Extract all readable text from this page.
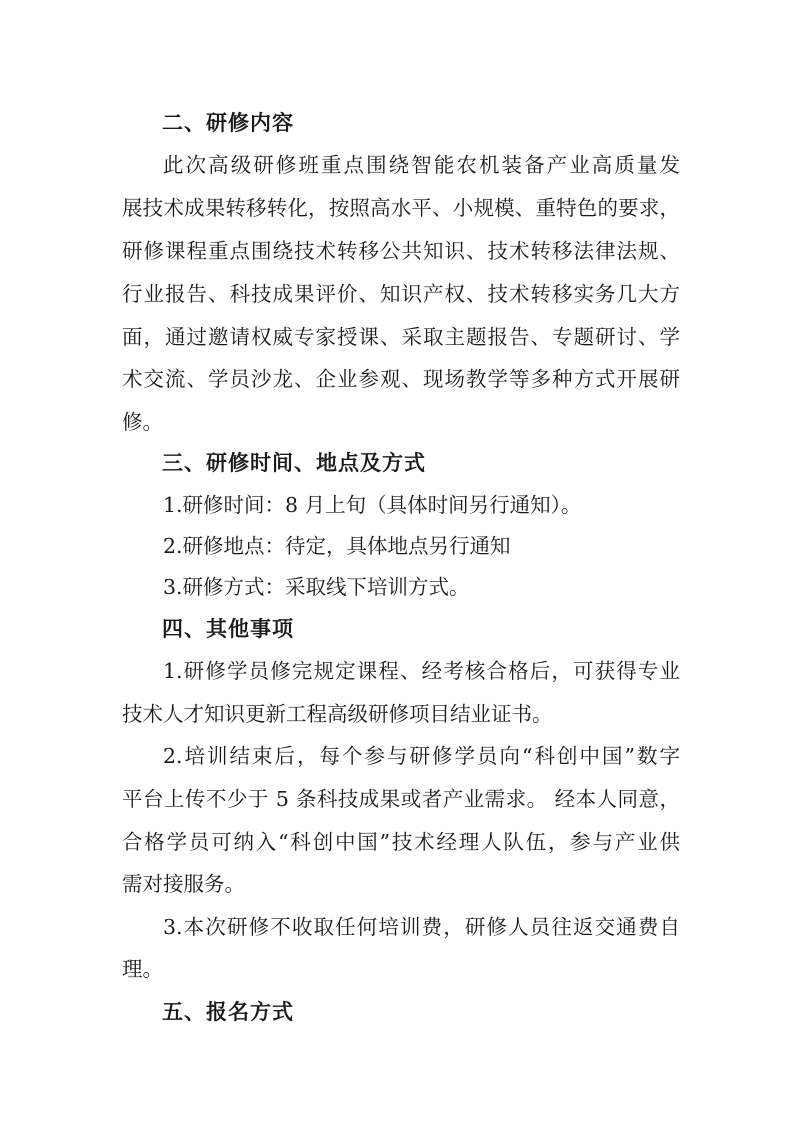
二、研修内容
此次高级研修班重点围绕智能农机装备产业高质量发
展技术成果转移转化，按照高水平、小规模、重特色的要求，
研修课程重点围绕技术转移公共知识、技术转移法律法规、
行业报告、科技成果评价、知识产权、技术转移实务几大方
面，通过邀请权威专家授课、采取主题报告、专题研讨、学
术交流、学员沙龙、企业参观、现场教学等多种方式开展研
修。
三、研修时间、地点及方式
1.研修时间：8 月上旬（具体时间另行通知）。
2.研修地点：待定，具体地点另行通知
3.研修方式：采取线下培训方式。
四、其他事项
1.研修学员修完规定课程、经考核合格后，可获得专业
技术人才知识更新工程高级研修项目结业证书。
2.培训结束后，每个参与研修学员向“科创中国”数字
平台上传不少于 5 条科技成果或者产业需求。 经本人同意，
合格学员可纳入“科创中国”技术经理人队伍，参与产业供
需对接服务。
3.本次研修不收取任何培训费，研修人员往返交通费自
理。
五、报名方式
